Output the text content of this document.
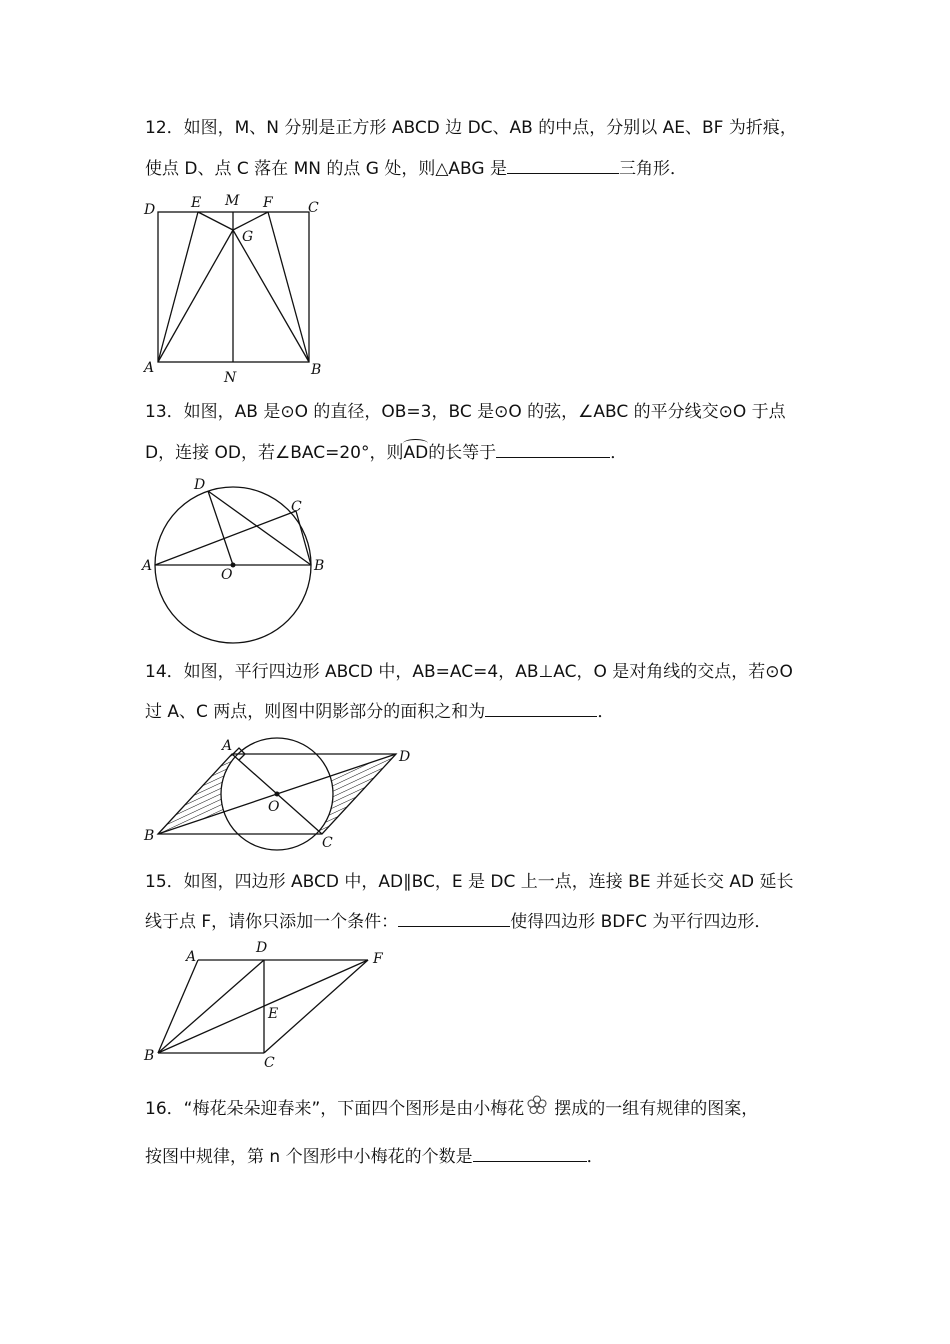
12．如图，M、N 分别是正方形 ABCD 边 DC、AB 的中点，分别以 AE、BF 为折痕，
使点 D、点 C 落在 MN 的点 G 处，则△ABG 是	三角形．
D	E M F	C
G
A
N	B
13．如图，AB 是⊙O 的直径，OB=3，BC 是⊙O 的弦，∠ABC 的平分线交⊙O 于点
D，连接 OD，若∠BAC=20°，则AD的长等于	．
D
C
A
O
B
14．如图，平行四边形 ABCD 中，AB=AC=4，AB⊥AC，O 是对角线的交点，若⊙O
过 A、C 两点，则图中阴影部分的面积之和为	．
A
D
O
B	C
15．如图，四边形 ABCD 中，AD∥BC，E 是 DC 上一点，连接 BE 并延长交 AD 延长
线于点 F，请你只添加一个条件：	使得四边形 BDFC 为平行四边形．
A
D
F
E
B	C
16．“梅花朵朵迎春来”，下面四个图形是由小梅花 摆成的一组有规律的图案，
按图中规律，第 n 个图形中小梅花的个数是	．
